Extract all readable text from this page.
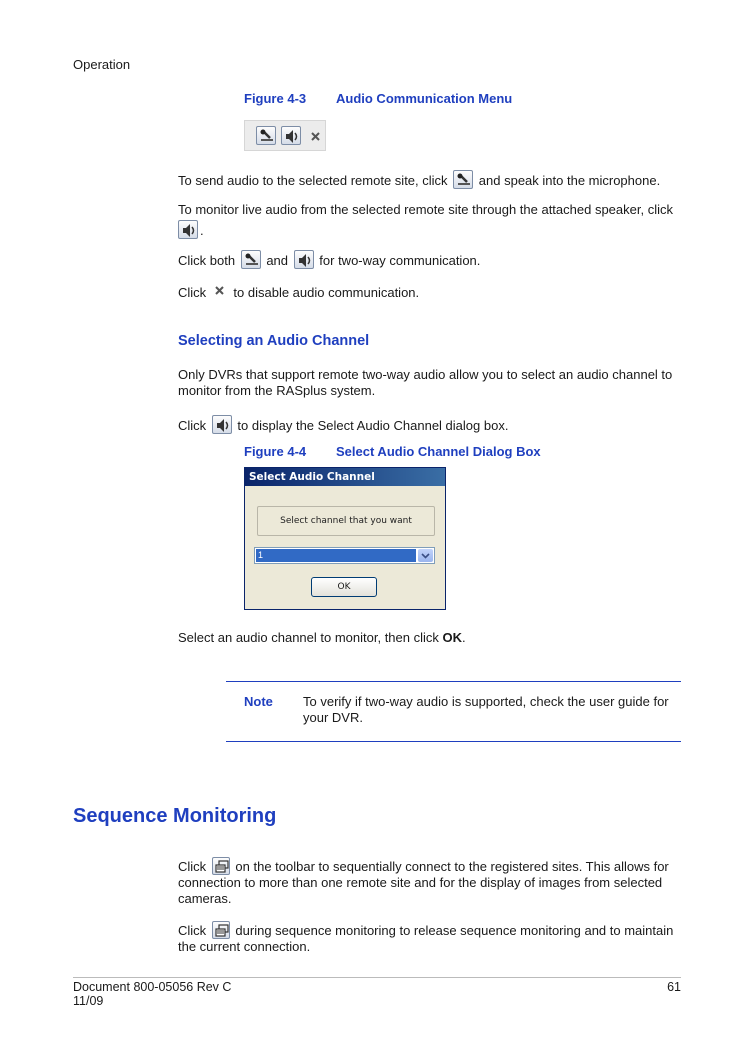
Operation
Figure 4-3 Audio Communication Menu
To send audio to the selected remote site, click and speak into the microphone.
To monitor live audio from the selected remote site through the attached speaker, click

.
Click both and for two-way communication.
Click to disable audio communication.
Selecting an Audio Channel
Only DVRs that support remote two-way audio allow you to select an audio channel to monitor from the RASplus system.
Click to display the Select Audio Channel dialog box.
Figure 4-4 Select Audio Channel Dialog Box
Select Audio Channel
Select channel that you want
1
OK
Select an audio channel to monitor, then click OK.
Note To verify if two-way audio is supported, check the user guide for your DVR.
Sequence Monitoring
Click on the toolbar to sequentially connect to the registered sites. This allows for connection to more than one remote site and for the display of images from selected cameras.
Click during sequence monitoring to release sequence monitoring and to maintain the current connection.
Document 800-05056 Rev C
11/09
61
